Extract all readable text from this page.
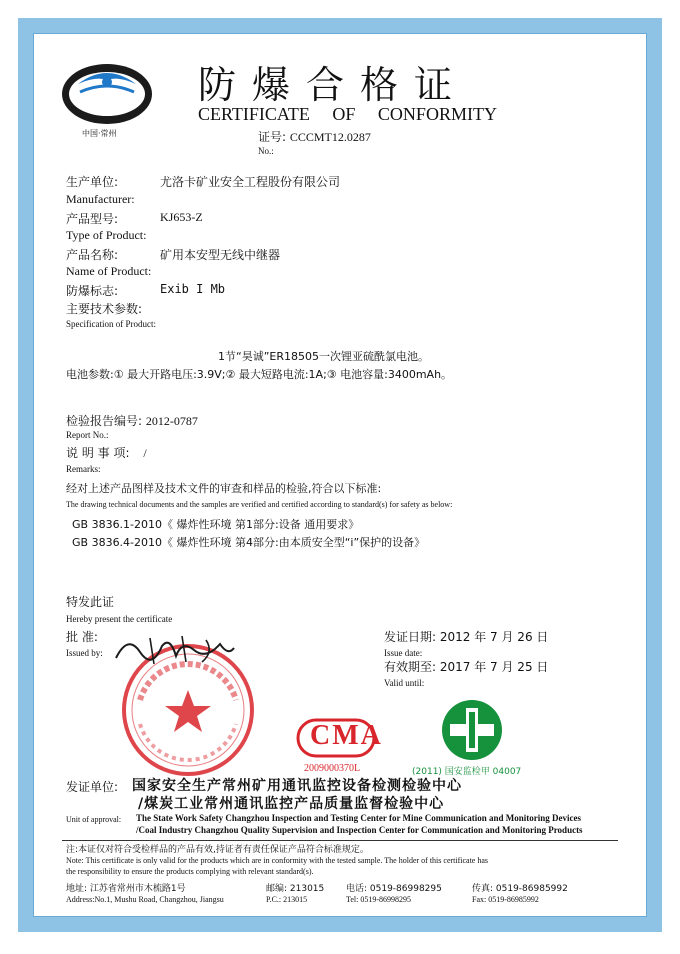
CCCMT
中国·常州
防爆合格证
CERTIFICATE OF CONFORMITY
证号: CCCMT12.0287
No.:
生产单位:	尤洛卡矿业安全工程股份有限公司
Manufacturer:
产品型号:	KJ653-Z
Type of Product:
产品名称:	矿用本安型无线中继器
Name of Product:
防爆标志:	Exib I Mb
主要技术参数:
Specification of Product:
1节“昊诚”ER18505一次锂亚硫酰氯电池。
电池参数:① 最大开路电压:3.9V;② 最大短路电流:1A;③ 电池容量:3400mAh。
检验报告编号: 2012-0787
Report No.:
说 明 事 项: /
Remarks:
经对上述产品图样及技术文件的审查和样品的检验,符合以下标准:
The drawing technical documents and the samples are verified and certified according to standard(s) for safety as below:
GB 3836.1-2010《 爆炸性环境 第1部分:设备 通用要求》
GB 3836.4-2010《 爆炸性环境 第4部分:由本质安全型“i”保护的设备》
特发此证
Hereby present the certificate
批 准:
Issued by:
发证日期: 2012 年 7 月 26 日
Issue date:
有效期至: 2017 年 7 月 25 日
Valid until:
CMA
2009000370L	(2011) 国安监检甲 04007
发证单位: 国家安全生产常州矿用通讯监控设备检测检验中心
/煤炭工业常州通讯监控产品质量监督检验中心
Unit of approval: The State Work Safety Changzhou Inspection and Testing Center for Mine Communication and Monitoring Devices
/Coal Industry Changzhou Quality Supervision and Inspection Center for Communication and Monitoring Products
注:本证仅对符合受检样品的产品有效,持证者有责任保证产品符合标准规定。
Note: This certificate is only valid for the products which are in conformity with the tested sample. The holder of this certificate has
the responsibility to ensure the products complying with relevant standard(s).
地址: 江苏省常州市木梳路1号	邮编: 213015 电话: 0519-86998295	传真: 0519-86985992
Address:No.1, Mushu Road, Changzhou, Jiangsu	P.C.: 213015	Tel: 0519-86998295	Fax: 0519-86985992
